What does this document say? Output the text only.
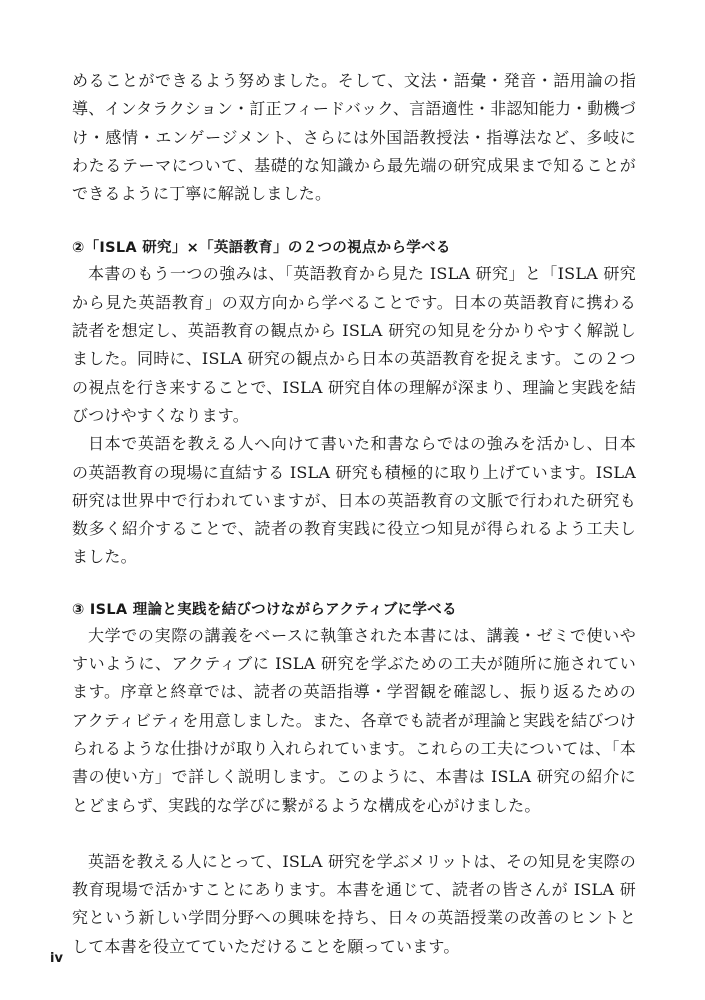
めることができるよう努めました。そして、文法・語彙・発音・語用論の指導、インタラクション・訂正フィードバック、言語適性・非認知能力・動機づけ・感情・エンゲージメント、さらには外国語教授法・指導法など、多岐にわたるテーマについて、基礎的な知識から最先端の研究成果まで知ることができるように丁寧に解説しました。

②「ISLA 研究」×「英語教育」の２つの視点から学べる

本書のもう一つの強みは、「英語教育から見た ISLA 研究」と「ISLA 研究から見た英語教育」の双方向から学べることです。日本の英語教育に携わる読者を想定し、英語教育の観点から ISLA 研究の知見を分かりやすく解説しました。同時に、ISLA 研究の観点から日本の英語教育を捉えます。この２つの視点を行き来することで、ISLA 研究自体の理解が深まり、理論と実践を結びつけやすくなります。

日本で英語を教える人へ向けて書いた和書ならではの強みを活かし、日本の英語教育の現場に直結する ISLA 研究も積極的に取り上げています。ISLA 研究は世界中で行われていますが、日本の英語教育の文脈で行われた研究も数多く紹介することで、読者の教育実践に役立つ知見が得られるよう工夫しました。

③ ISLA 理論と実践を結びつけながらアクティブに学べる

大学での実際の講義をベースに執筆された本書には、講義・ゼミで使いやすいように、アクティブに ISLA 研究を学ぶための工夫が随所に施されています。序章と終章では、読者の英語指導・学習観を確認し、振り返るためのアクティビティを用意しました。また、各章でも読者が理論と実践を結びつけられるような仕掛けが取り入れられています。これらの工夫については、「本書の使い方」で詳しく説明します。このように、本書は ISLA 研究の紹介にとどまらず、実践的な学びに繋がるような構成を心がけました。

英語を教える人にとって、ISLA 研究を学ぶメリットは、その知見を実際の教育現場で活かすことにあります。本書を通じて、読者の皆さんが ISLA 研究という新しい学問分野への興味を持ち、日々の英語授業の改善のヒントとして本書を役立てていただけることを願っています。

iv
